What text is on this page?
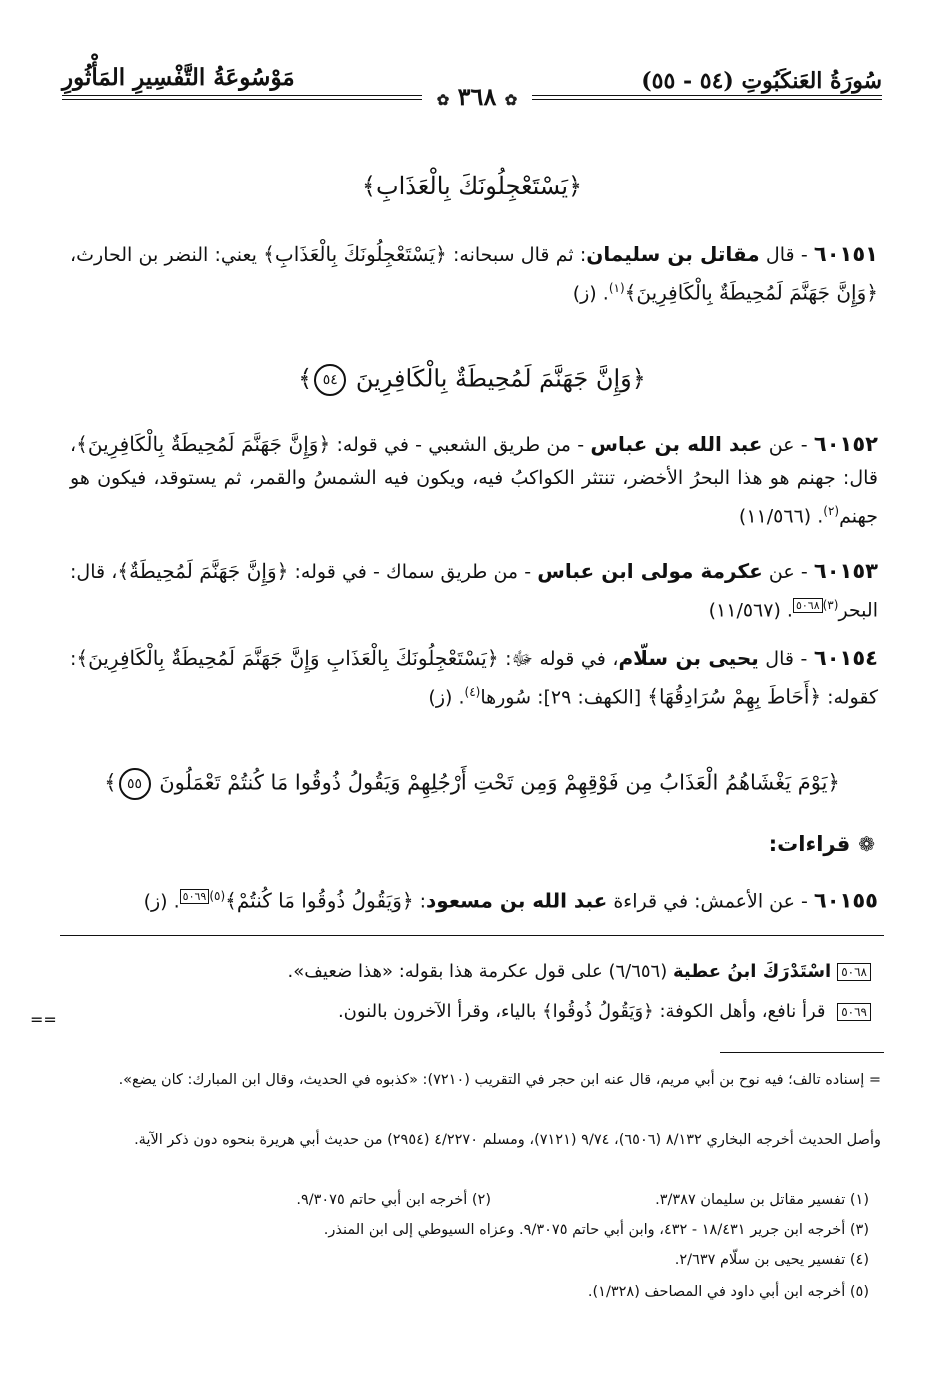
سُورَةُ العَنكَبُوتِ (٥٤ - ٥٥)
✿ ٣٦٨ ✿
مَوْسُوعَةُ التَّفْسِيرِ المَأْثُورِ
﴿يَسْتَعْجِلُونَكَ بِالْعَذَابِ﴾
٦٠١٥١ - قال مقاتل بن سليمان: ثم قال سبحانه: ﴿يَسْتَعْجِلُونَكَ بِالْعَذَابِ﴾ يعني: النضر بن الحارث، ﴿وَإِنَّ جَهَنَّمَ لَمُحِيطَةٌ بِالْكَافِرِينَ﴾$^{(١)}$. (ز)
﴿وَإِنَّ جَهَنَّمَ لَمُحِيطَةٌ بِالْكَافِرِينَ ٥٤﴾
٦٠١٥٢ - عن عبد الله بن عباس - من طريق الشعبي - في قوله: ﴿وَإِنَّ جَهَنَّمَ لَمُحِيطَةٌ بِالْكَافِرِينَ﴾، قال: جهنم هو هذا البحرُ الأخضر، تنتثر الكواكبُ فيه، ويكون فيه الشمسُ والقمر، ثم يستوقد، فيكون هو جهنم$^{(٢)}$. (١١/٥٦٦)
٦٠١٥٣ - عن عكرمة مولى ابن عباس - من طريق سماك - في قوله: ﴿وَإِنَّ جَهَنَّمَ لَمُحِيطَةٌ﴾، قال: البحر$^{(٣)}$٥٠٦٨. (١١/٥٦٧)
٦٠١٥٤ - قال يحيى بن سلّام، في قوله ﷻ: ﴿يَسْتَعْجِلُونَكَ بِالْعَذَابِ وَإِنَّ جَهَنَّمَ لَمُحِيطَةٌ بِالْكَافِرِينَ﴾: كقوله: ﴿أَحَاطَ بِهِمْ سُرَادِقُهَا﴾ [الكهف: ٢٩]: سُورها$^{(٤)}$. (ز)
﴿يَوْمَ يَغْشَاهُمُ الْعَذَابُ مِن فَوْقِهِمْ وَمِن تَحْتِ أَرْجُلِهِمْ وَيَقُولُ ذُوقُوا مَا كُنتُمْ تَعْمَلُونَ ٥٥﴾
❁قراءات:
٦٠١٥٥ - عن الأعمش: في قراءة عبد الله بن مسعود: ﴿وَيَقُولُ ذُوقُوا مَا كُنتُمْ﴾$^{(٥)}$٥٠٦٩. (ز)
٥٠٦٨اسْتَدْرَكَ ابنُ عطية (٦/٦٥٦) على قول عكرمة هذا بقوله: «هذا ضعيف».
٥٠٦٩ قرأ نافع، وأهل الكوفة: ﴿وَيَقُولُ ذُوقُوا﴾ بالياء، وقرأ الآخرون بالنون.
==
= إسناده تالف؛ فيه نوح بن أبي مريم، قال عنه ابن حجر في التقريب (٧٢١٠): «كذبوه في الحديث، وقال ابن المبارك: كان يضع».
وأصل الحديث أخرجه البخاري ٨/١٣٢ (٦٥٠٦)، ٩/٧٤ (٧١٢١)، ومسلم ٤/٢٢٧٠ (٢٩٥٤) من حديث أبي هريرة بنحوه دون ذكر الآية.
(١) تفسير مقاتل بن سليمان ٣/٣٨٧.
(٢) أخرجه ابن أبي حاتم ٩/٣٠٧٥.
(٣) أخرجه ابن جرير ١٨/٤٣١ - ٤٣٢، وابن أبي حاتم ٩/٣٠٧٥. وعزاه السيوطي إلى ابن المنذر.
(٤) تفسير يحيى بن سلّام ٢/٦٣٧.
(٥) أخرجه ابن أبي داود في المصاحف (١/٣٢٨).
